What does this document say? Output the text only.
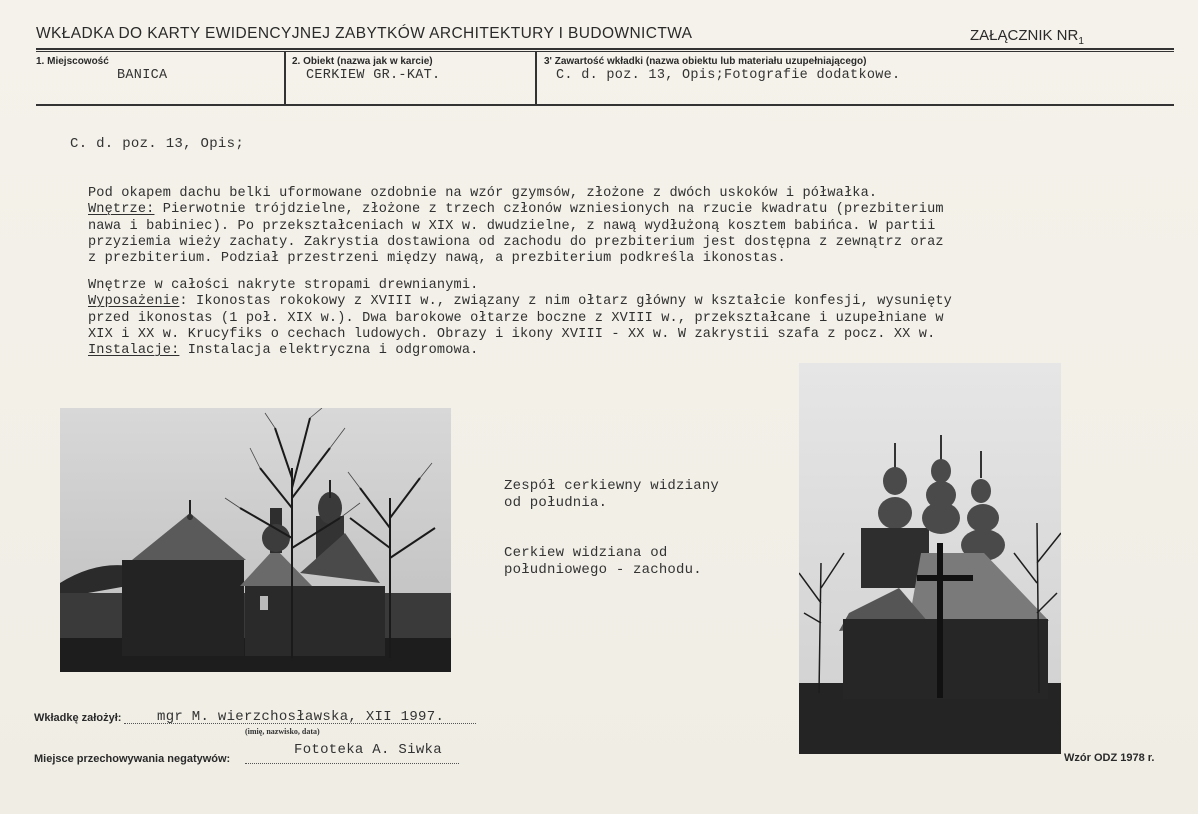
WKŁADKA DO KARTY EWIDENCYJNEJ ZABYTKÓW ARCHITEKTURY I BUDOWNICTWA	ZAŁĄCZNIK $NR_1$
1. Miejscowość
BANICA
2. Obiekt (nazwa jak w karcie)
CERKIEW GR.-KAT.
3' Zawartość wkładki (nazwa obiektu lub materiału uzupełniającego)
C. d. poz. 13, Opis;Fotografie dodatkowe.
C. d. poz. 13, Opis;
Pod okapem dachu belki uformowane ozdobnie na wzór gzymsów, złożone z dwóch uskoków i półwałka.
Wnętrze: Pierwotnie trójdzielne, złożone z trzech członów wzniesionych na rzucie kwadratu (prezbiterium
nawa i babiniec). Po przekształceniach w XIX w. dwudzielne, z nawą wydłużoną kosztem babińca. W partii
przyziemia wieży zachaty. Zakrystia dostawiona od zachodu do prezbiterium jest dostępna z zewnątrz oraz
z prezbiterium. Podział przestrzeni między nawą, a prezbiterium podkreśla ikonostas.
Wnętrze w całości nakryte stropami drewnianymi.
Wyposażenie: Ikonostas rokokowy z XVIII w., związany z nim ołtarz główny w kształcie konfesji, wysunięty
przed ikonostas (1 poł. XIX w.). Dwa barokowe ołtarze boczne z XVIII w., przekształcane i uzupełniane w
XIX i XX w. Krucyfiks o cechach ludowych. Obrazy i ikony XVIII - XX w. W zakrystii szafa z pocz. XX w.
Instalacje: Instalacja elektryczna i odgromowa.
Zespół cerkiewny widziany
od południa.
Cerkiew widziana od
południowego - zachodu.
Wkładkę założył:	mgr M. wierzchosławska, XII 1997.
(imię, nazwisko, data)
Miejsce przechowywania negatywów:
Fototeka A. Siwka	Wzór ODZ 1978 r.
